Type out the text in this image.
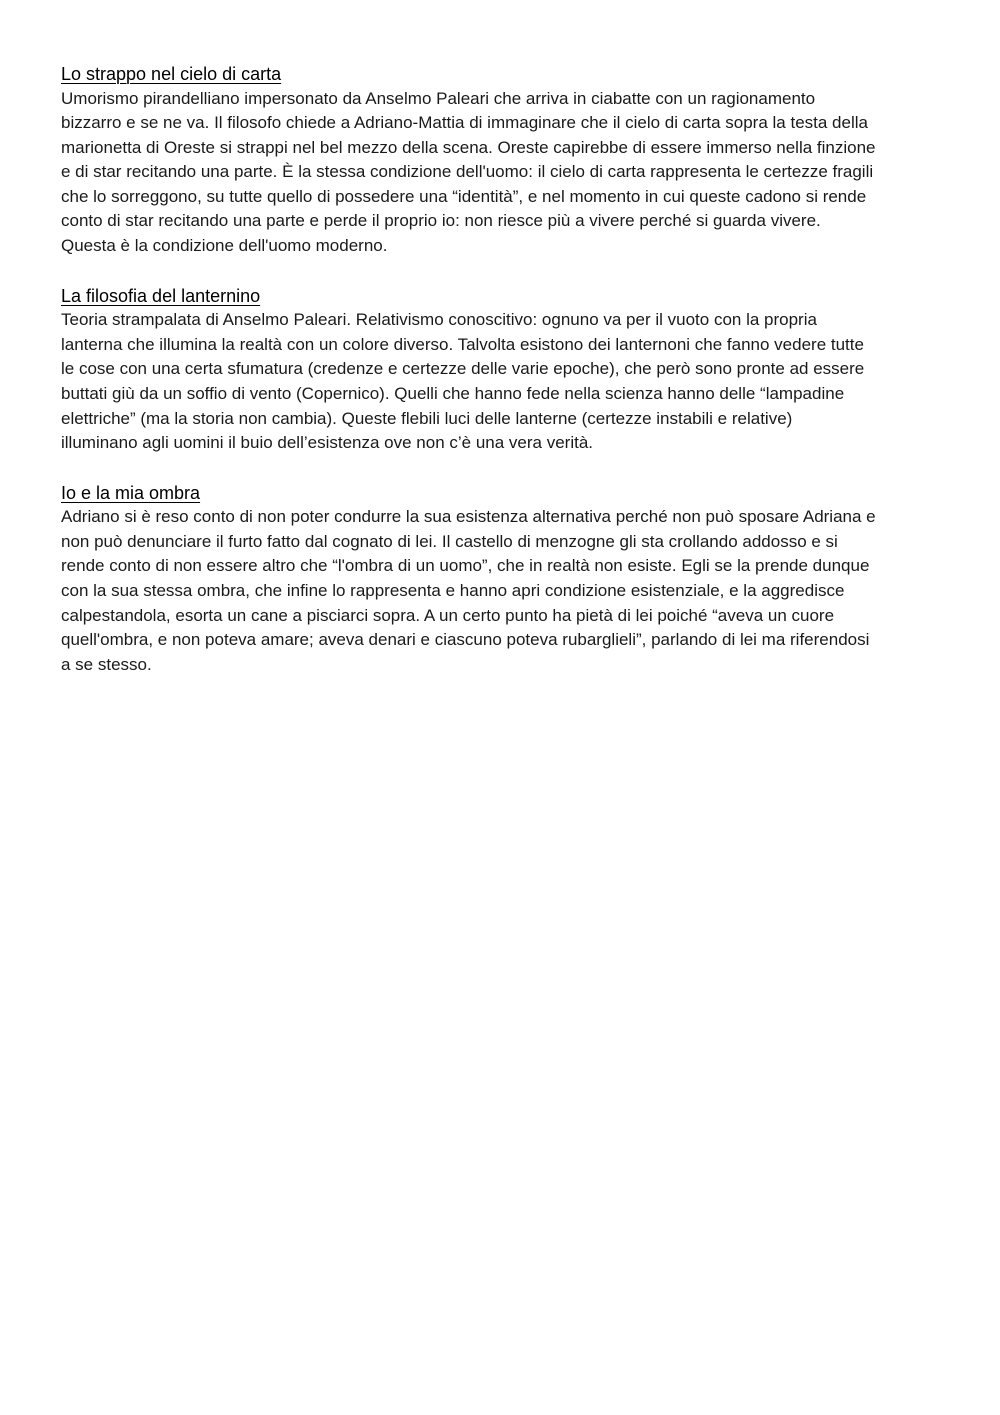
Lo strappo nel cielo di carta
Umorismo pirandelliano impersonato da Anselmo Paleari che arriva in ciabatte con un ragionamento
bizzarro e se ne va. Il filosofo chiede a Adriano-Mattia di immaginare che il cielo di carta sopra la testa della
marionetta di Oreste si strappi nel bel mezzo della scena. Oreste capirebbe di essere immerso nella finzione
e di star recitando una parte. È la stessa condizione dell'uomo: il cielo di carta rappresenta le certezze fragili
che lo sorreggono, su tutte quello di possedere una “identità”, e nel momento in cui queste cadono si rende
conto di star recitando una parte e perde il proprio io: non riesce più a vivere perché si guarda vivere.
Questa è la condizione dell'uomo moderno.
La filosofia del lanternino
Teoria strampalata di Anselmo Paleari. Relativismo conoscitivo: ognuno va per il vuoto con la propria
lanterna che illumina la realtà con un colore diverso. Talvolta esistono dei lanternoni che fanno vedere tutte
le cose con una certa sfumatura (credenze e certezze delle varie epoche), che però sono pronte ad essere
buttati giù da un soffio di vento (Copernico). Quelli che hanno fede nella scienza hanno delle “lampadine
elettriche” (ma la storia non cambia). Queste flebili luci delle lanterne (certezze instabili e relative)
illuminano agli uomini il buio dell’esistenza ove non c’è una vera verità.
Io e la mia ombra
Adriano si è reso conto di non poter condurre la sua esistenza alternativa perché non può sposare Adriana e
non può denunciare il furto fatto dal cognato di lei. Il castello di menzogne gli sta crollando addosso e si
rende conto di non essere altro che “l'ombra di un uomo”, che in realtà non esiste. Egli se la prende dunque
con la sua stessa ombra, che infine lo rappresenta e hanno apri condizione esistenziale, e la aggredisce
calpestandola, esorta un cane a pisciarci sopra. A un certo punto ha pietà di lei poiché “aveva un cuore
quell'ombra, e non poteva amare; aveva denari e ciascuno poteva rubarglieli”, parlando di lei ma riferendosi
a se stesso.
